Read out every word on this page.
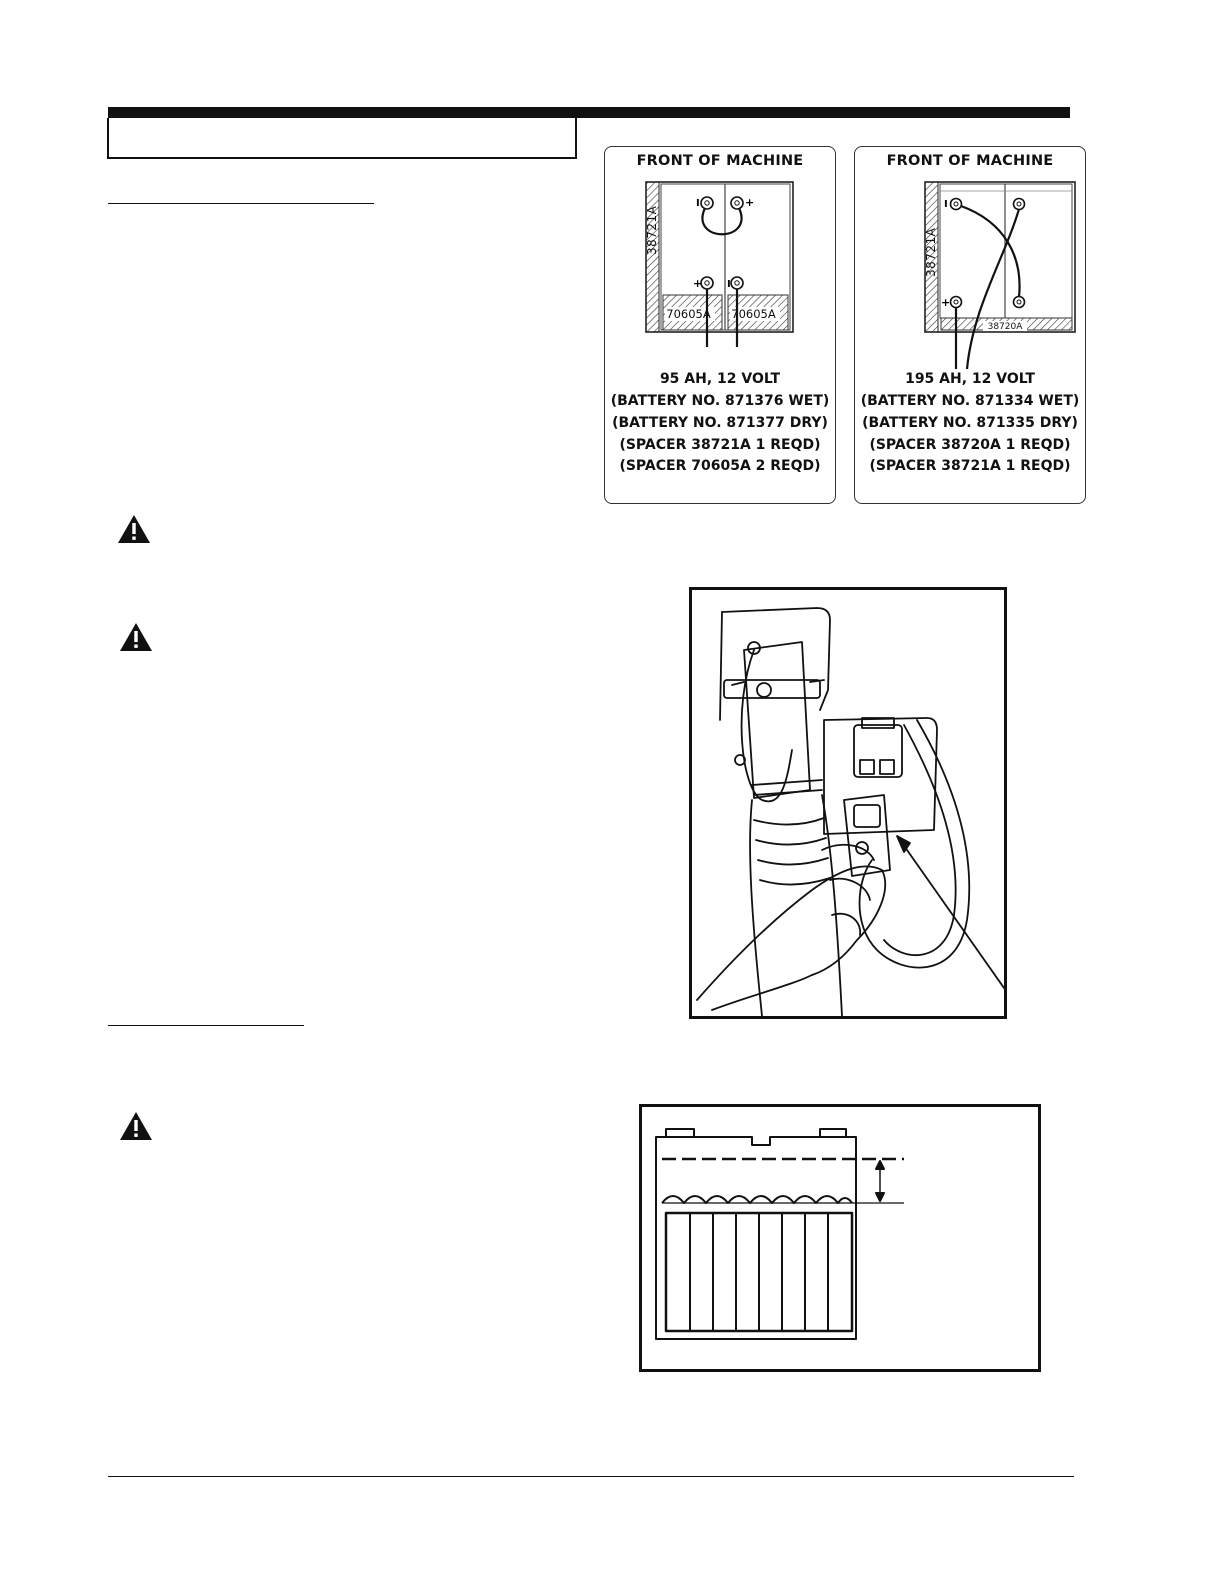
FRONT OF MACHINE
I	+
+ I
70605A	70605A
95 AH, 12 VOLT
(BATTERY NO. 871376 WET)
(BATTERY NO. 871377 DRY)
(SPACER 38721A 1 REQD)
(SPACER 70605A 2 REQD)
FRONT OF MACHINE
I
+
38720A
195 AH, 12 VOLT
(BATTERY NO. 871334 WET)
(BATTERY NO. 871335 DRY)
(SPACER 38720A 1 REQD)
(SPACER 38721A 1 REQD)
